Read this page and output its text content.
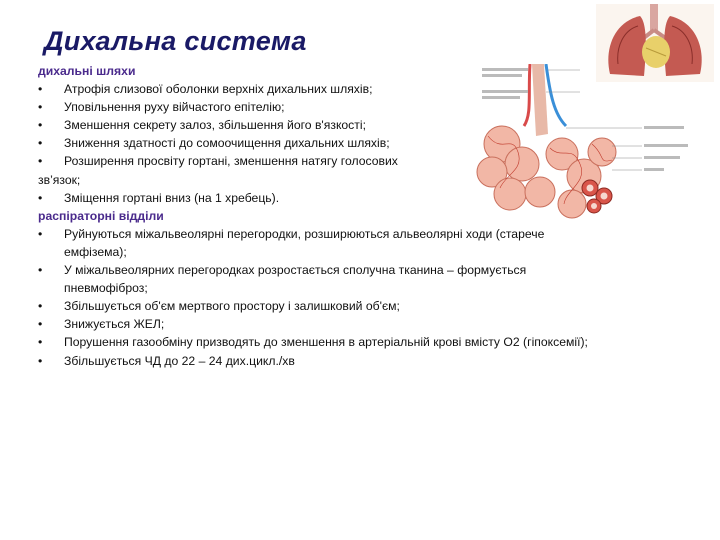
Дихальна система
дихальні шляхи
• Атрофія слизової оболонки верхніх дихальних шляхів;
• Уповільнення руху війчастого епітелію;
• Зменшення секрету залоз, збільшення його в'язкості;
• Зниження здатності до сомоочищення дихальних шляхів;
• Розширення просвіту гортані, зменшення натягу голосових
зв’язок;
• Зміщення гортані вниз (на 1 хребець).
распіраторні відділи
• Руйнуються міжальвеолярні перегородки, розширюються альвеолярні ходи (старече
емфізема);
• У міжальвеолярних перегородках розростається сполучна тканина – формується
пневмофіброз;
• Збільшується об'єм мертвого простору і залишковий об'єм;
• Знижується ЖЕЛ;
• Порушення газообміну призводять до зменшення в артеріальній крові вмісту О2 (гіпоксемії);
• Збільшується ЧД до 22 – 24 дих.цикл./хв
